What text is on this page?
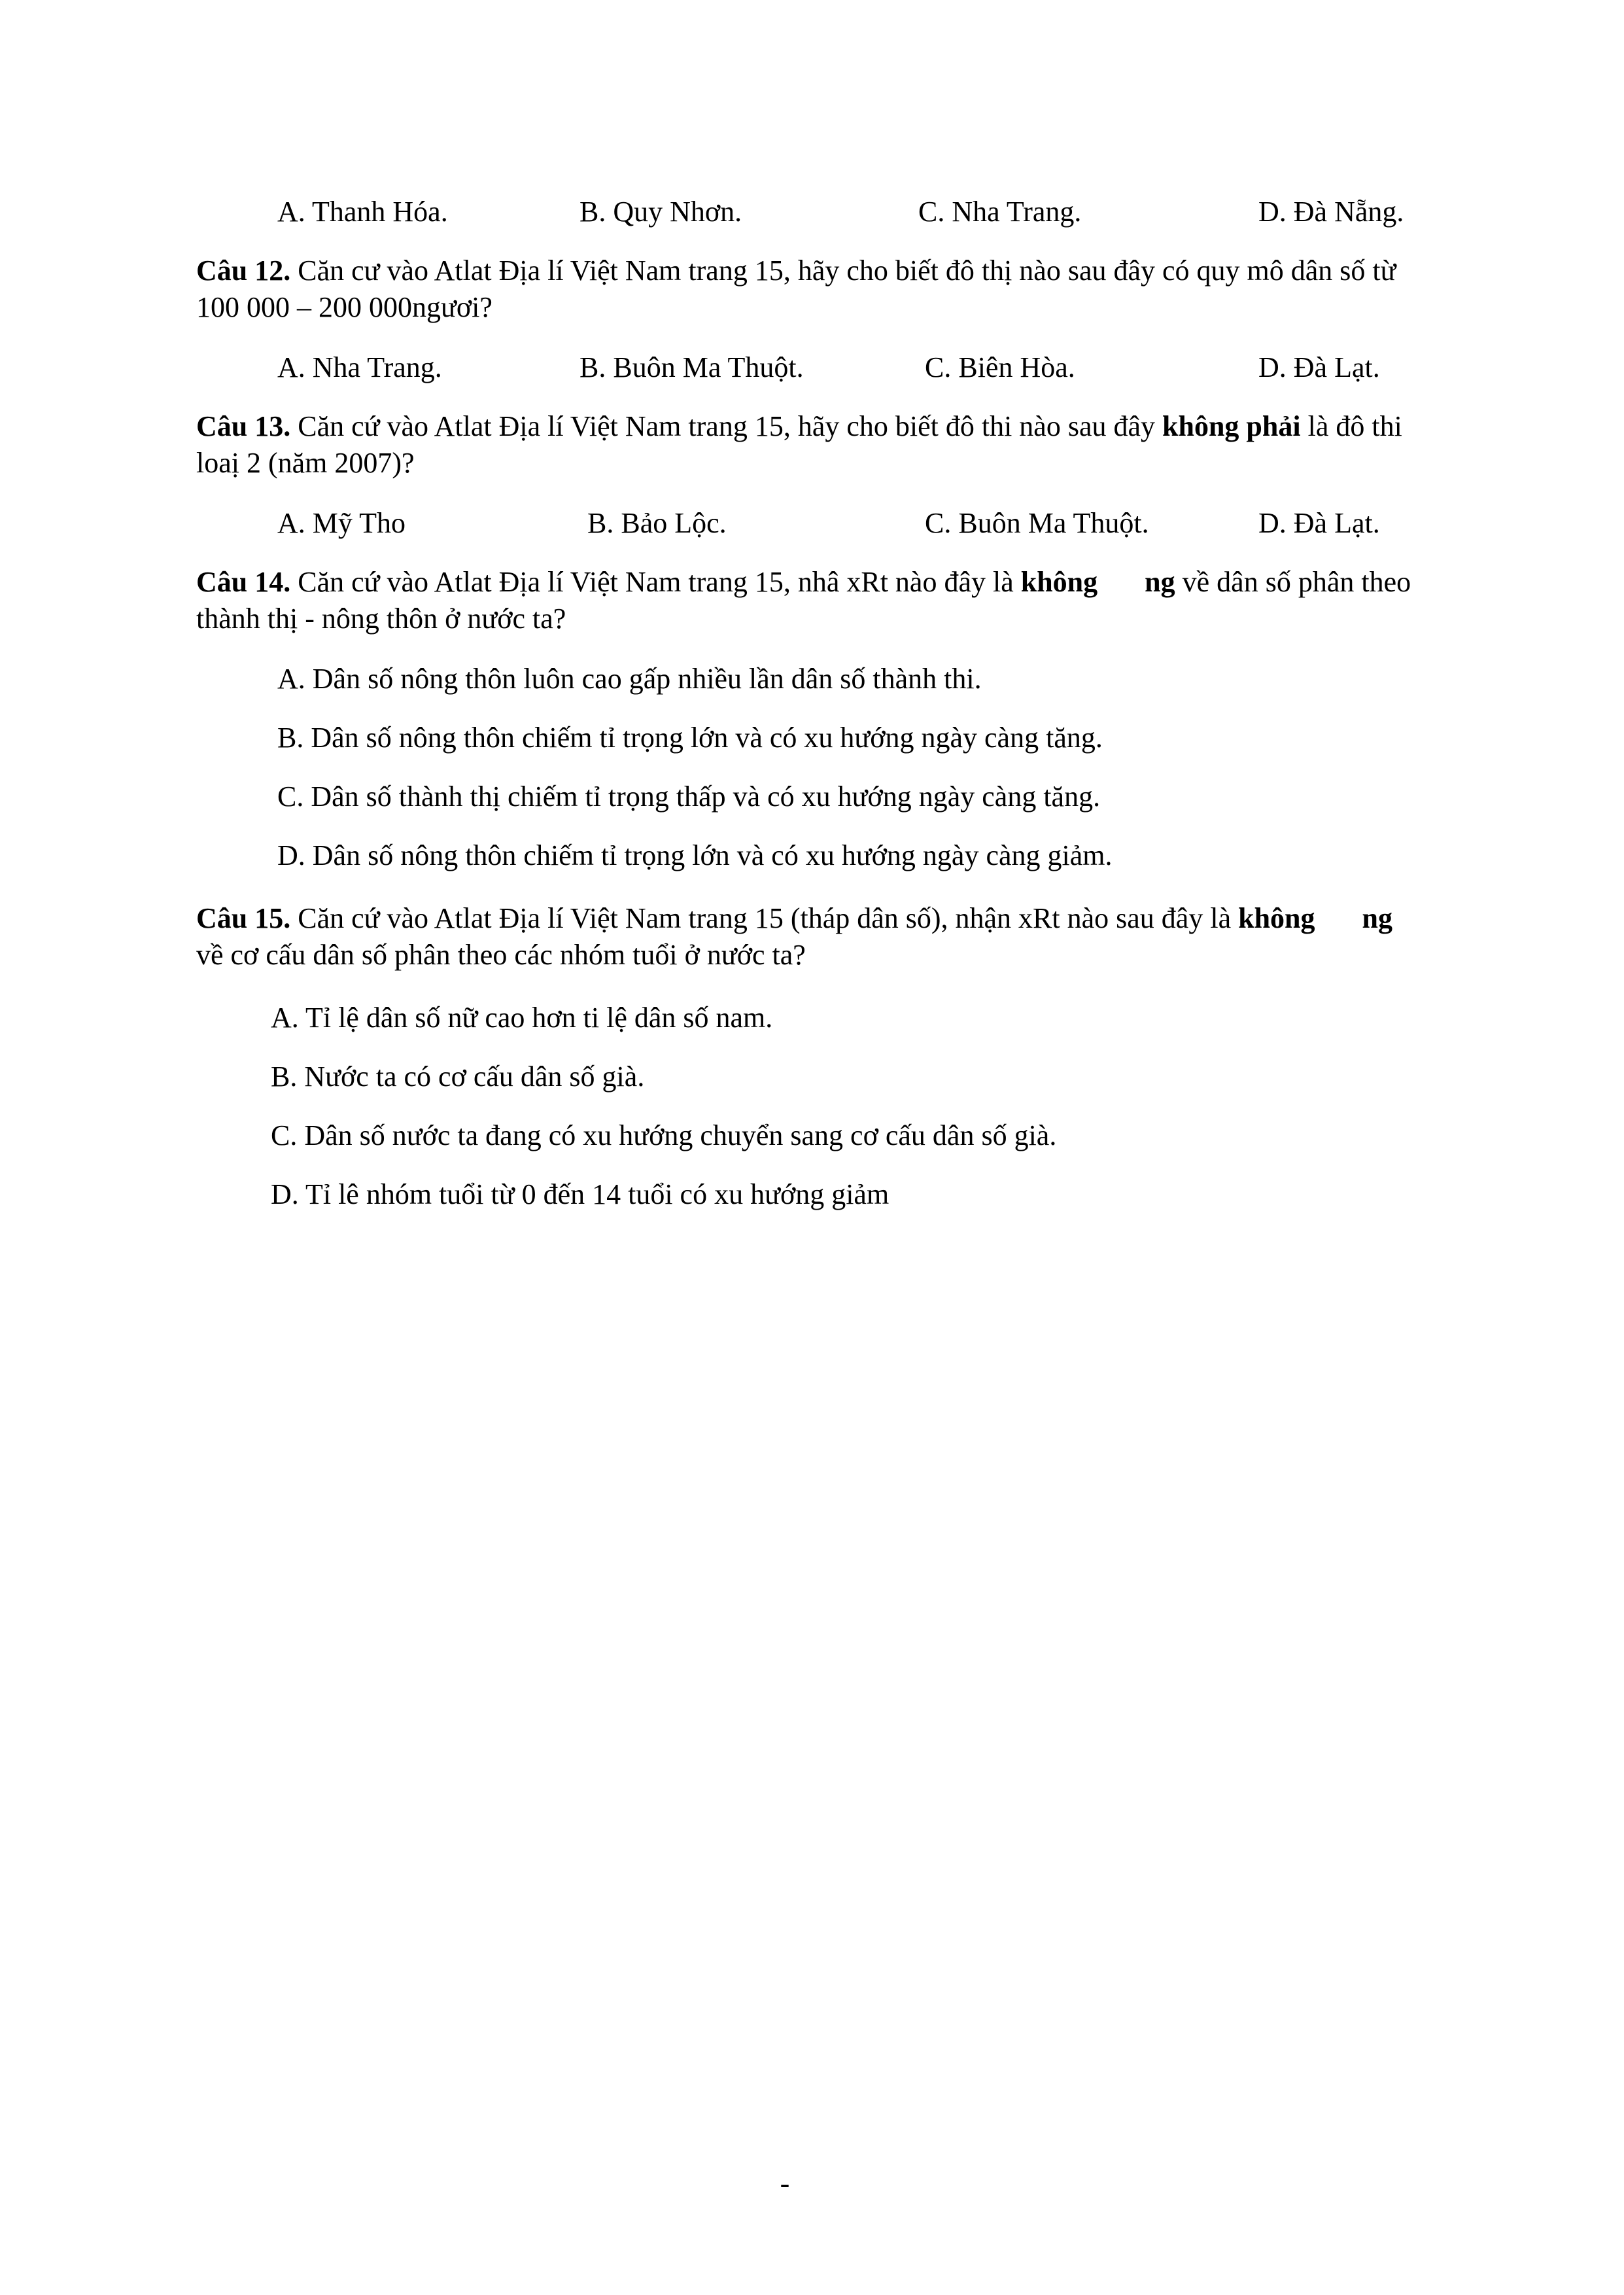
A. Thanh Hóa.	B. Quy Nhơn.	C. Nha Trang.	D. Đà Nẵng.
Câu 12. Căn cư vào Atlat Địa lí Việt Nam trang 15, hãy cho biết đô thị nào sau đây có quy mô dân số từ 100 000 – 200 000ngươi?
A. Nha Trang.	B. Buôn Ma Thuột.	C. Biên Hòa.	D. Đà Lạt.
Câu 13. Căn cứ vào Atlat Địa lí Việt Nam trang 15, hãy cho biết đô thi nào sau đây không phải là đô thi loaị 2 (năm 2007)?
A. Mỹ Tho	B. Bảo Lộc.	C. Buôn Ma Thuột.	D. Đà Lạt.
Câu 14. Căn cứ vào Atlat Địa lí Việt Nam trang 15, nhâ xRt nào đây là không ng về dân số phân theo thành thị - nông thôn ở nước ta?
A. Dân số nông thôn luôn cao gấp nhiều lần dân số thành thi.
B. Dân số nông thôn chiếm tỉ trọng lớn và có xu hướng ngày càng tăng.
C. Dân số thành thị chiếm tỉ trọng thấp và có xu hướng ngày càng tăng.
D. Dân số nông thôn chiếm tỉ trọng lớn và có xu hướng ngày càng giảm.
Câu 15. Căn cứ vào Atlat Địa lí Việt Nam trang 15 (tháp dân số), nhận xRt nào sau đây là không ng về cơ cấu dân số phân theo các nhóm tuổi ở nước ta?
A. Tỉ lệ dân số nữ cao hơn ti lệ dân số nam.
B. Nước ta có cơ cấu dân số già.
C. Dân số nước ta đang có xu hướng chuyển sang cơ cấu dân số già.
D. Tỉ lê nhóm tuổi từ 0 đến 14 tuổi có xu hướng giảm
-
